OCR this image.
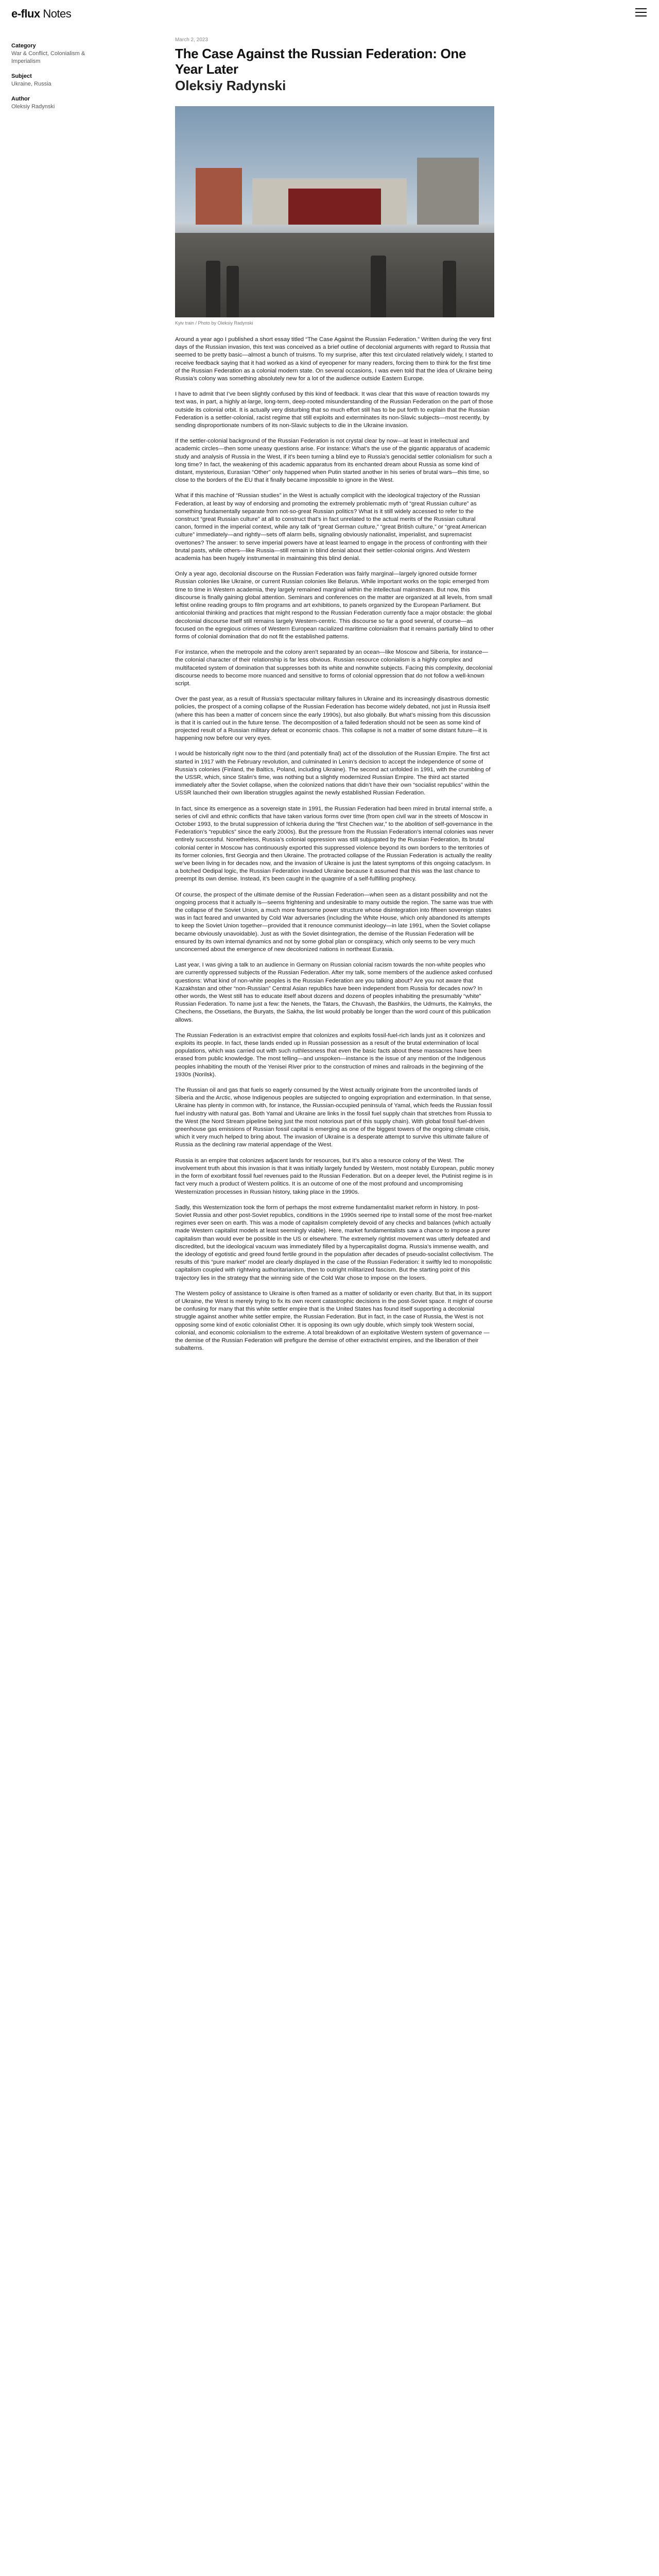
e-flux Notes
Category
War & Conflict, Colonialism & Imperialism
Subject
Ukraine, Russia
Author
Oleksiy Radynski
March 2, 2023
The Case Against the Russian Federation: One Year Later
Oleksiy Radynski
Kyiv train / Photo by Oleksiy Radynski

Around a year ago I published a short essay titled “The Case Against the Russian Federation.” Written during the very first days of the Russian invasion, this text was conceived as a brief outline of decolonial arguments with regard to Russia that seemed to be pretty basic—almost a bunch of truisms. To my surprise, after this text circulated relatively widely, I started to receive feedback saying that it had worked as a kind of eyeopener for many readers, forcing them to think for the first time of the Russian Federation as a colonial modern state. On several occasions, I was even told that the idea of Ukraine being Russia’s colony was something absolutely new for a lot of the audience outside Eastern Europe.

I have to admit that I’ve been slightly confused by this kind of feedback. It was clear that this wave of reaction towards my text was, in part, a highly at-large, long-term, deep-rooted misunderstanding of the Russian Federation on the part of those outside its colonial orbit. It is actually very disturbing that so much effort still has to be put forth to explain that the Russian Federation is a settler-colonial, racist regime that still exploits and exterminates its non-Slavic subjects—most recently, by sending disproportionate numbers of its non-Slavic subjects to die in the Ukraine invasion.

If the settler-colonial background of the Russian Federation is not crystal clear by now—at least in intellectual and academic circles—then some uneasy questions arise. For instance: What’s the use of the gigantic apparatus of academic study and analysis of Russia in the West, if it’s been turning a blind eye to Russia’s genocidal settler colonialism for such a long time? In fact, the weakening of this academic apparatus from its enchanted dream about Russia as some kind of distant, mysterious, Eurasian “Other” only happened when Putin started another in his series of brutal wars—this time, so close to the borders of the EU that it finally became impossible to ignore in the West.

What if this machine of “Russian studies” in the West is actually complicit with the ideological trajectory of the Russian Federation, at least by way of endorsing and promoting the extremely problematic myth of “great Russian culture” as something fundamentally separate from not-so-great Russian politics? What is it still widely accessed to refer to the construct “great Russian culture” at all to construct that’s in fact unrelated to the actual merits of the Russian cultural canon, formed in the imperial context, while any talk of “great German culture,” “great British culture,” or “great American culture” immediately—and rightly—sets off alarm bells, signaling obviously nationalist, imperialist, and supremacist overtones? The answer: to serve imperial powers have at least learned to engage in the process of confronting with their brutal pasts, while others—like Russia—still remain in blind denial about their settler-colonial origins. And Western academia has been hugely instrumental in maintaining this blind denial.

Only a year ago, decolonial discourse on the Russian Federation was fairly marginal—largely ignored outside former Russian colonies like Ukraine, or current Russian colonies like Belarus. While important works on the topic emerged from time to time in Western academia, they largely remained marginal within the intellectual mainstream. But now, this discourse is finally gaining global attention. Seminars and conferences on the matter are organized at all levels, from small leftist online reading groups to film programs and art exhibitions, to panels organized by the European Parliament. But anticolonial thinking and practices that might respond to the Russian Federation currently face a major obstacle: the global decolonial discourse itself still remains largely Western-centric. This discourse so far a good several, of course—as focused on the egregious crimes of Western European racialized maritime colonialism that it remains partially blind to other forms of colonial domination that do not fit the established patterns.

For instance, when the metropole and the colony aren’t separated by an ocean—like Moscow and Siberia, for instance—the colonial character of their relationship is far less obvious. Russian resource colonialism is a highly complex and multifaceted system of domination that suppresses both its white and nonwhite subjects. Facing this complexity, decolonial discourse needs to become more nuanced and sensitive to forms of colonial oppression that do not follow a well-known script.

Over the past year, as a result of Russia’s spectacular military failures in Ukraine and its increasingly disastrous domestic policies, the prospect of a coming collapse of the Russian Federation has become widely debated, not just in Russia itself (where this has been a matter of concern since the early 1990s), but also globally. But what’s missing from this discussion is that it is carried out in the future tense. The decomposition of a failed federation should not be seen as some kind of projected result of a Russian military defeat or economic chaos. This collapse is not a matter of some distant future—it is happening now before our very eyes.

I would be historically right now to the third (and potentially final) act of the dissolution of the Russian Empire. The first act started in 1917 with the February revolution, and culminated in Lenin’s decision to accept the independence of some of Russia’s colonies (Finland, the Baltics, Poland, including Ukraine). The second act unfolded in 1991, with the crumbling of the USSR, which, since Stalin’s time, was nothing but a slightly modernized Russian Empire. The third act started immediately after the Soviet collapse, when the colonized nations that didn’t have their own “socialist republics” within the USSR launched their own liberation struggles against the newly established Russian Federation.

In fact, since its emergence as a sovereign state in 1991, the Russian Federation had been mired in brutal internal strife, a series of civil and ethnic conflicts that have taken various forms over time (from open civil war in the streets of Moscow in October 1993, to the brutal suppression of Ichkeria during the “first Chechen war,” to the abolition of self-governance in the Federation’s “republics” since the early 2000s). But the pressure from the Russian Federation’s internal colonies was never entirely successful. Nonetheless, Russia’s colonial oppression was still subjugated by the Russian Federation, its brutal colonial center in Moscow has continuously exported this suppressed violence beyond its own borders to the territories of its former colonies, first Georgia and then Ukraine. The protracted collapse of the Russian Federation is actually the reality we’ve been living in for decades now, and the invasion of Ukraine is just the latest symptoms of this ongoing cataclysm. In a botched Oedipal logic, the Russian Federation invaded Ukraine because it assumed that this was the last chance to preempt its own demise. Instead, it’s been caught in the quagmire of a self-fulfilling prophecy.

Of course, the prospect of the ultimate demise of the Russian Federation—when seen as a distant possibility and not the ongoing process that it actually is—seems frightening and undesirable to many outside the region. The same was true with the collapse of the Soviet Union, a much more fearsome power structure whose disintegration into fifteen sovereign states was in fact feared and unwanted by Cold War adversaries (including the White House, which only abandoned its attempts to keep the Soviet Union together—provided that it renounce communist ideology—in late 1991, when the Soviet collapse became obviously unavoidable). Just as with the Soviet disintegration, the demise of the Russian Federation will be ensured by its own internal dynamics and not by some global plan or conspiracy, which only seems to be very much unconcerned about the emergence of new decolonized nations in northeast Eurasia.

Last year, I was giving a talk to an audience in Germany on Russian colonial racism towards the non-white peoples who are currently oppressed subjects of the Russian Federation. After my talk, some members of the audience asked confused questions: What kind of non-white peoples is the Russian Federation are you talking about? Are you not aware that Kazakhstan and other “non-Russian” Central Asian republics have been independent from Russia for decades now? In other words, the West still has to educate itself about dozens and dozens of peoples inhabiting the presumably “white” Russian Federation. To name just a few: the Nenets, the Tatars, the Chuvash, the Bashkirs, the Udmurts, the Kalmyks, the Chechens, the Ossetians, the Buryats, the Sakha, the list would probably be longer than the word count of this publication allows.

The Russian Federation is an extractivist empire that colonizes and exploits fossil-fuel-rich lands just as it colonizes and exploits its people. In fact, these lands ended up in Russian possession as a result of the brutal extermination of local populations, which was carried out with such ruthlessness that even the basic facts about these massacres have been erased from public knowledge. The most telling—and unspoken—instance is the issue of any mention of the Indigenous peoples inhabiting the mouth of the Yenisei River prior to the construction of mines and railroads in the beginning of the 1930s (Norilsk).

The Russian oil and gas that fuels so eagerly consumed by the West actually originate from the uncontrolled lands of Siberia and the Arctic, whose Indigenous peoples are subjected to ongoing expropriation and extermination. In that sense, Ukraine has plenty in common with, for instance, the Russian-occupied peninsula of Yamal, which feeds the Russian fossil fuel industry with natural gas. Both Yamal and Ukraine are links in the fossil fuel supply chain that stretches from Russia to the West (the Nord Stream pipeline being just the most notorious part of this supply chain). With global fossil fuel-driven greenhouse gas emissions of Russian fossil capital is emerging as one of the biggest towers of the ongoing climate crisis, which it very much helped to bring about. The invasion of Ukraine is a desperate attempt to survive this ultimate failure of Russia as the declining raw material appendage of the West.

Russia is an empire that colonizes adjacent lands for resources, but it’s also a resource colony of the West. The involvement truth about this invasion is that it was initially largely funded by Western, most notably European, public money in the form of exorbitant fossil fuel revenues paid to the Russian Federation. But on a deeper level, the Putinist regime is in fact very much a product of Western politics. It is an outcome of one of the most profound and uncompromising Westernization processes in Russian history, taking place in the 1990s.

Sadly, this Westernization took the form of perhaps the most extreme fundamentalist market reform in history. In post-Soviet Russia and other post-Soviet republics, conditions in the 1990s seemed ripe to install some of the most free-market regimes ever seen on earth. This was a mode of capitalism completely devoid of any checks and balances (which actually made Western capitalist models at least seemingly viable). Here, market fundamentalists saw a chance to impose a purer capitalism than would ever be possible in the US or elsewhere. The extremely rightist movement was utterly defeated and discredited, but the ideological vacuum was immediately filled by a hypercapitalist dogma. Russia’s immense wealth, and the ideology of egotistic and greed found fertile ground in the population after decades of pseudo-socialist collectivism. The results of this “pure market” model are clearly displayed in the case of the Russian Federation: it swiftly led to monopolistic capitalism coupled with rightwing authoritarianism, then to outright militarized fascism. But the starting point of this trajectory lies in the strategy that the winning side of the Cold War chose to impose on the losers.

The Western policy of assistance to Ukraine is often framed as a matter of solidarity or even charity. But that, in its support of Ukraine, the West is merely trying to fix its own recent catastrophic decisions in the post-Soviet space. It might of course be confusing for many that this white settler empire that is the United States has found itself supporting a decolonial struggle against another white settler empire, the Russian Federation. But in fact, in the case of Russia, the West is not opposing some kind of exotic colonialist Other. It is opposing its own ugly double, which simply took Western social, colonial, and economic colonialism to the extreme. A total breakdown of an exploitative Western system of governance — the demise of the Russian Federation will prefigure the demise of other extractivist empires, and the liberation of their subalterns.
